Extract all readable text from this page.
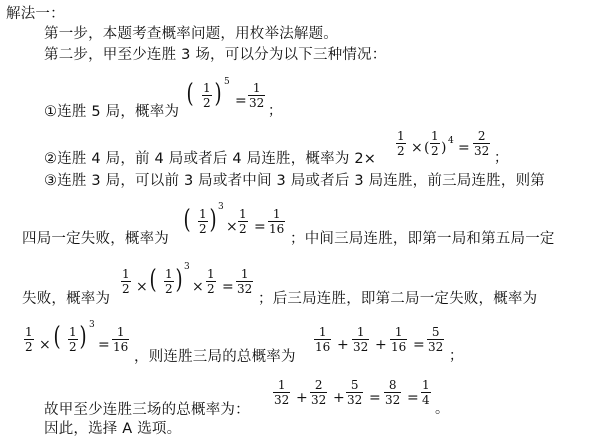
解法一：
第一步，本题考查概率问题，用枚举法解题。
第二步，甲至少连胜 3 场，可以分为以下三种情况：
①连胜 5 局，概率为
( $\frac{1}{2}$ ) 5
= $\frac{1}{32}$
；
②连胜 4 局，前 4 局或者后 4 局连胜，概率为 2×
$\frac{1}{2}$ × ( $\frac{1}{2}$ ) $4 = \frac{2}{32}$ ；
③连胜 3 局，可以前 3 局或者中间 3 局或者后 3 局连胜，前三局连胜，则第
四局一定失败，概率为
( $\frac{1}{2}$ ) 3
× $\frac{1}{2} = \frac{1}{16}$
；中间三局连胜，即第一局和第五局一定
失败，概率为
$\frac{1}{2}$ × ( $\frac{1}{2}$ ) 3
× $\frac{1}{2} = \frac{1}{32}$
；后三局连胜，即第二局一定失败，概率为
$\frac{1}{2}$ × ( $\frac{1}{2}$ ) 3
= $\frac{1}{16}$
，则连胜三局的总概率为
$\frac{1}{16} + \frac{1}{32} + \frac{1}{16} = \frac{5}{32}$
；
故甲至少连胜三场的总概率为：
$\frac{1}{32} + \frac{2}{32} + \frac{5}{32} = \frac{8}{32} = \frac{1}{4}$
。
因此，选择 A 选项。
